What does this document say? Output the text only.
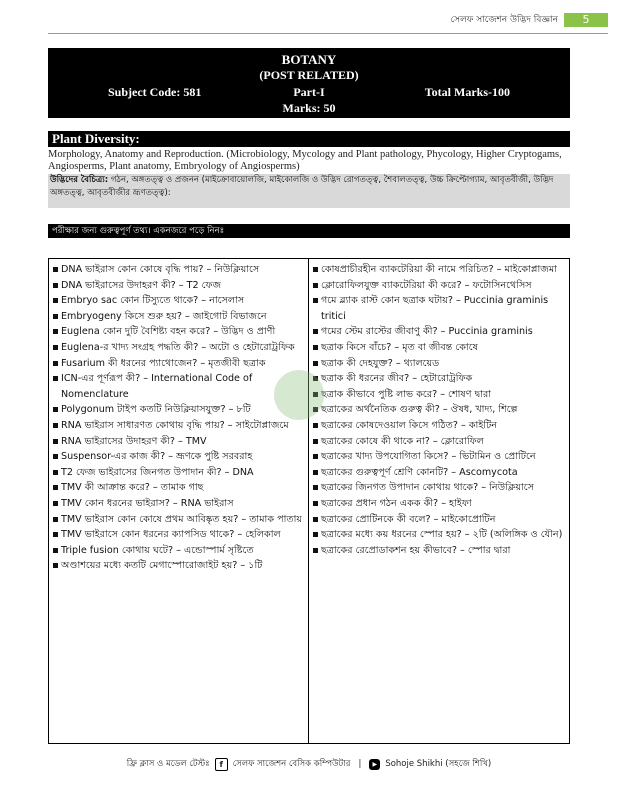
সেলফ সাজেশন উদ্ভিদ বিজ্ঞান	5
BOTANY
(POST RELATED)
Subject Code: 581	Part-I	Total Marks-100
Marks: 50
Plant Diversity:
Morphology, Anatomy and Reproduction. (Microbiology, Mycology and Plant pathology, Phycology, Higher Cryptogams, Angiosperms, Plant anatomy, Embryology of Angiosperms)
উদ্ভিদের বৈচিত্র্য: গঠন, অঙ্গতত্ত্ব ও প্রজনন (মাইক্রোবায়োলজি, মাইকোলজি ও উদ্ভিদ রোগতত্ত্ব, শৈবালতত্ত্ব, উচ্চ ক্রিপ্টোগ্যাম, আবৃতবীজী, উদ্ভিদ অঙ্গতত্ত্ব, আবৃতবীজীর ভ্রূণতত্ত্ব):
পরীক্ষার জন্য গুরুত্বপূর্ণ তথ্য। একনজরে পড়ে নিনঃ
DNA ভাইরাস কোন কোষে বৃদ্ধি পায়? – নিউক্লিয়াসে
DNA ভাইরাসের উদাহরণ কী? – T2 ফেজ
Embryo sac কোন টিস্যুতে থাকে? – নাসেলাস
Embryogeny কিসে শুরু হয়? – জাইগোট বিভাজনে
Euglena কোন দুটি বৈশিষ্ট্য বহন করে? – উদ্ভিদ ও প্রাণী
Euglena-র খাদ্য সংগ্রহ পদ্ধতি কী? – অটো ও হেটারোট্রফিক
Fusarium কী ধরনের প্যাথোজেন? – মৃতজীবী ছত্রাক
ICN-এর পূর্ণরূপ কী? – International Code of Nomenclature
Polygonum টাইপ কতটি নিউক্লিয়াসযুক্ত? – ৮টি
RNA ভাইরাস সাধারণত কোথায় বৃদ্ধি পায়? – সাইটোপ্লাজমে
RNA ভাইরাসের উদাহরণ কী? – TMV
Suspensor-এর কাজ কী? – ভ্রূণকে পুষ্টি সরবরাহ
T2 ফেজ ভাইরাসের জিনগত উপাদান কী? – DNA
TMV কী আক্রান্ত করে? – তামাক গাছ
TMV কোন ধরনের ভাইরাস? – RNA ভাইরাস
TMV ভাইরাস কোন কোষে প্রথম আবিষ্কৃত হয়? – তামাক পাতায়
TMV ভাইরাসে কোন ধরনের ক্যাপসিড থাকে? – হেলিকাল
Triple fusion কোথায় ঘটে? – এন্ডোস্পার্ম সৃষ্টিতে
অণ্ডাশয়ের মধ্যে কতটি মেগাস্পোরোজাইট হয়? – ১টি
কোষপ্রাচীরহীন ব্যাকটেরিয়া কী নামে পরিচিত? – মাইকোপ্লাজমা
ক্লোরোফিলযুক্ত ব্যাকটেরিয়া কী করে? – ফটোসিনথেসিস
গমে ব্ল্যাক রাস্ট কোন ছত্রাক ঘটায়? – Puccinia graminis tritici
গমের স্টেম রাস্টের জীবাণু কী? – Puccinia graminis
ছত্রাক কিসে বাঁচে? – মৃত বা জীবন্ত কোষে
ছত্রাক কী দেহযুক্ত? – থ্যালয়েড
ছত্রাক কী ধরনের জীব? – হেটারোট্রফিক
ছত্রাক কীভাবে পুষ্টি লাভ করে? – শোষণ দ্বারা
ছত্রাকের অর্থনৈতিক গুরুত্ব কী? – ঔষধ, খাদ্য, শিল্পে
ছত্রাকের কোষদেওয়াল কিসে গঠিত? – কাইটিন
ছত্রাকের কোষে কী থাকে না? – ক্লোরোফিল
ছত্রাকের খাদ্য উপযোগিতা কিসে? – ভিটামিন ও প্রোটিনে
ছত্রাকের গুরুত্বপূর্ণ শ্রেণি কোনটি? – Ascomycota
ছত্রাকের জিনগত উপাদান কোথায় থাকে? – নিউক্লিয়াসে
ছত্রাকের প্রধান গঠন একক কী? – হাইফা
ছত্রাকের প্রোটিনকে কী বলে? – মাইকোপ্রোটিন
ছত্রাকের মধ্যে কয় ধরনের স্পোর হয়? – ২টি (অলিঙ্গিক ও যৌন)
ছত্রাকের রেপ্রোডাকশন হয় কীভাবে? – স্পোর দ্বারা
ফ্রি ক্লাস ও মডেল টেস্টঃ	f	সেলফ সাজেশন বেসিক কম্পিউটার |	▶ Sohoje Shikhi (সহজে শিখি)
